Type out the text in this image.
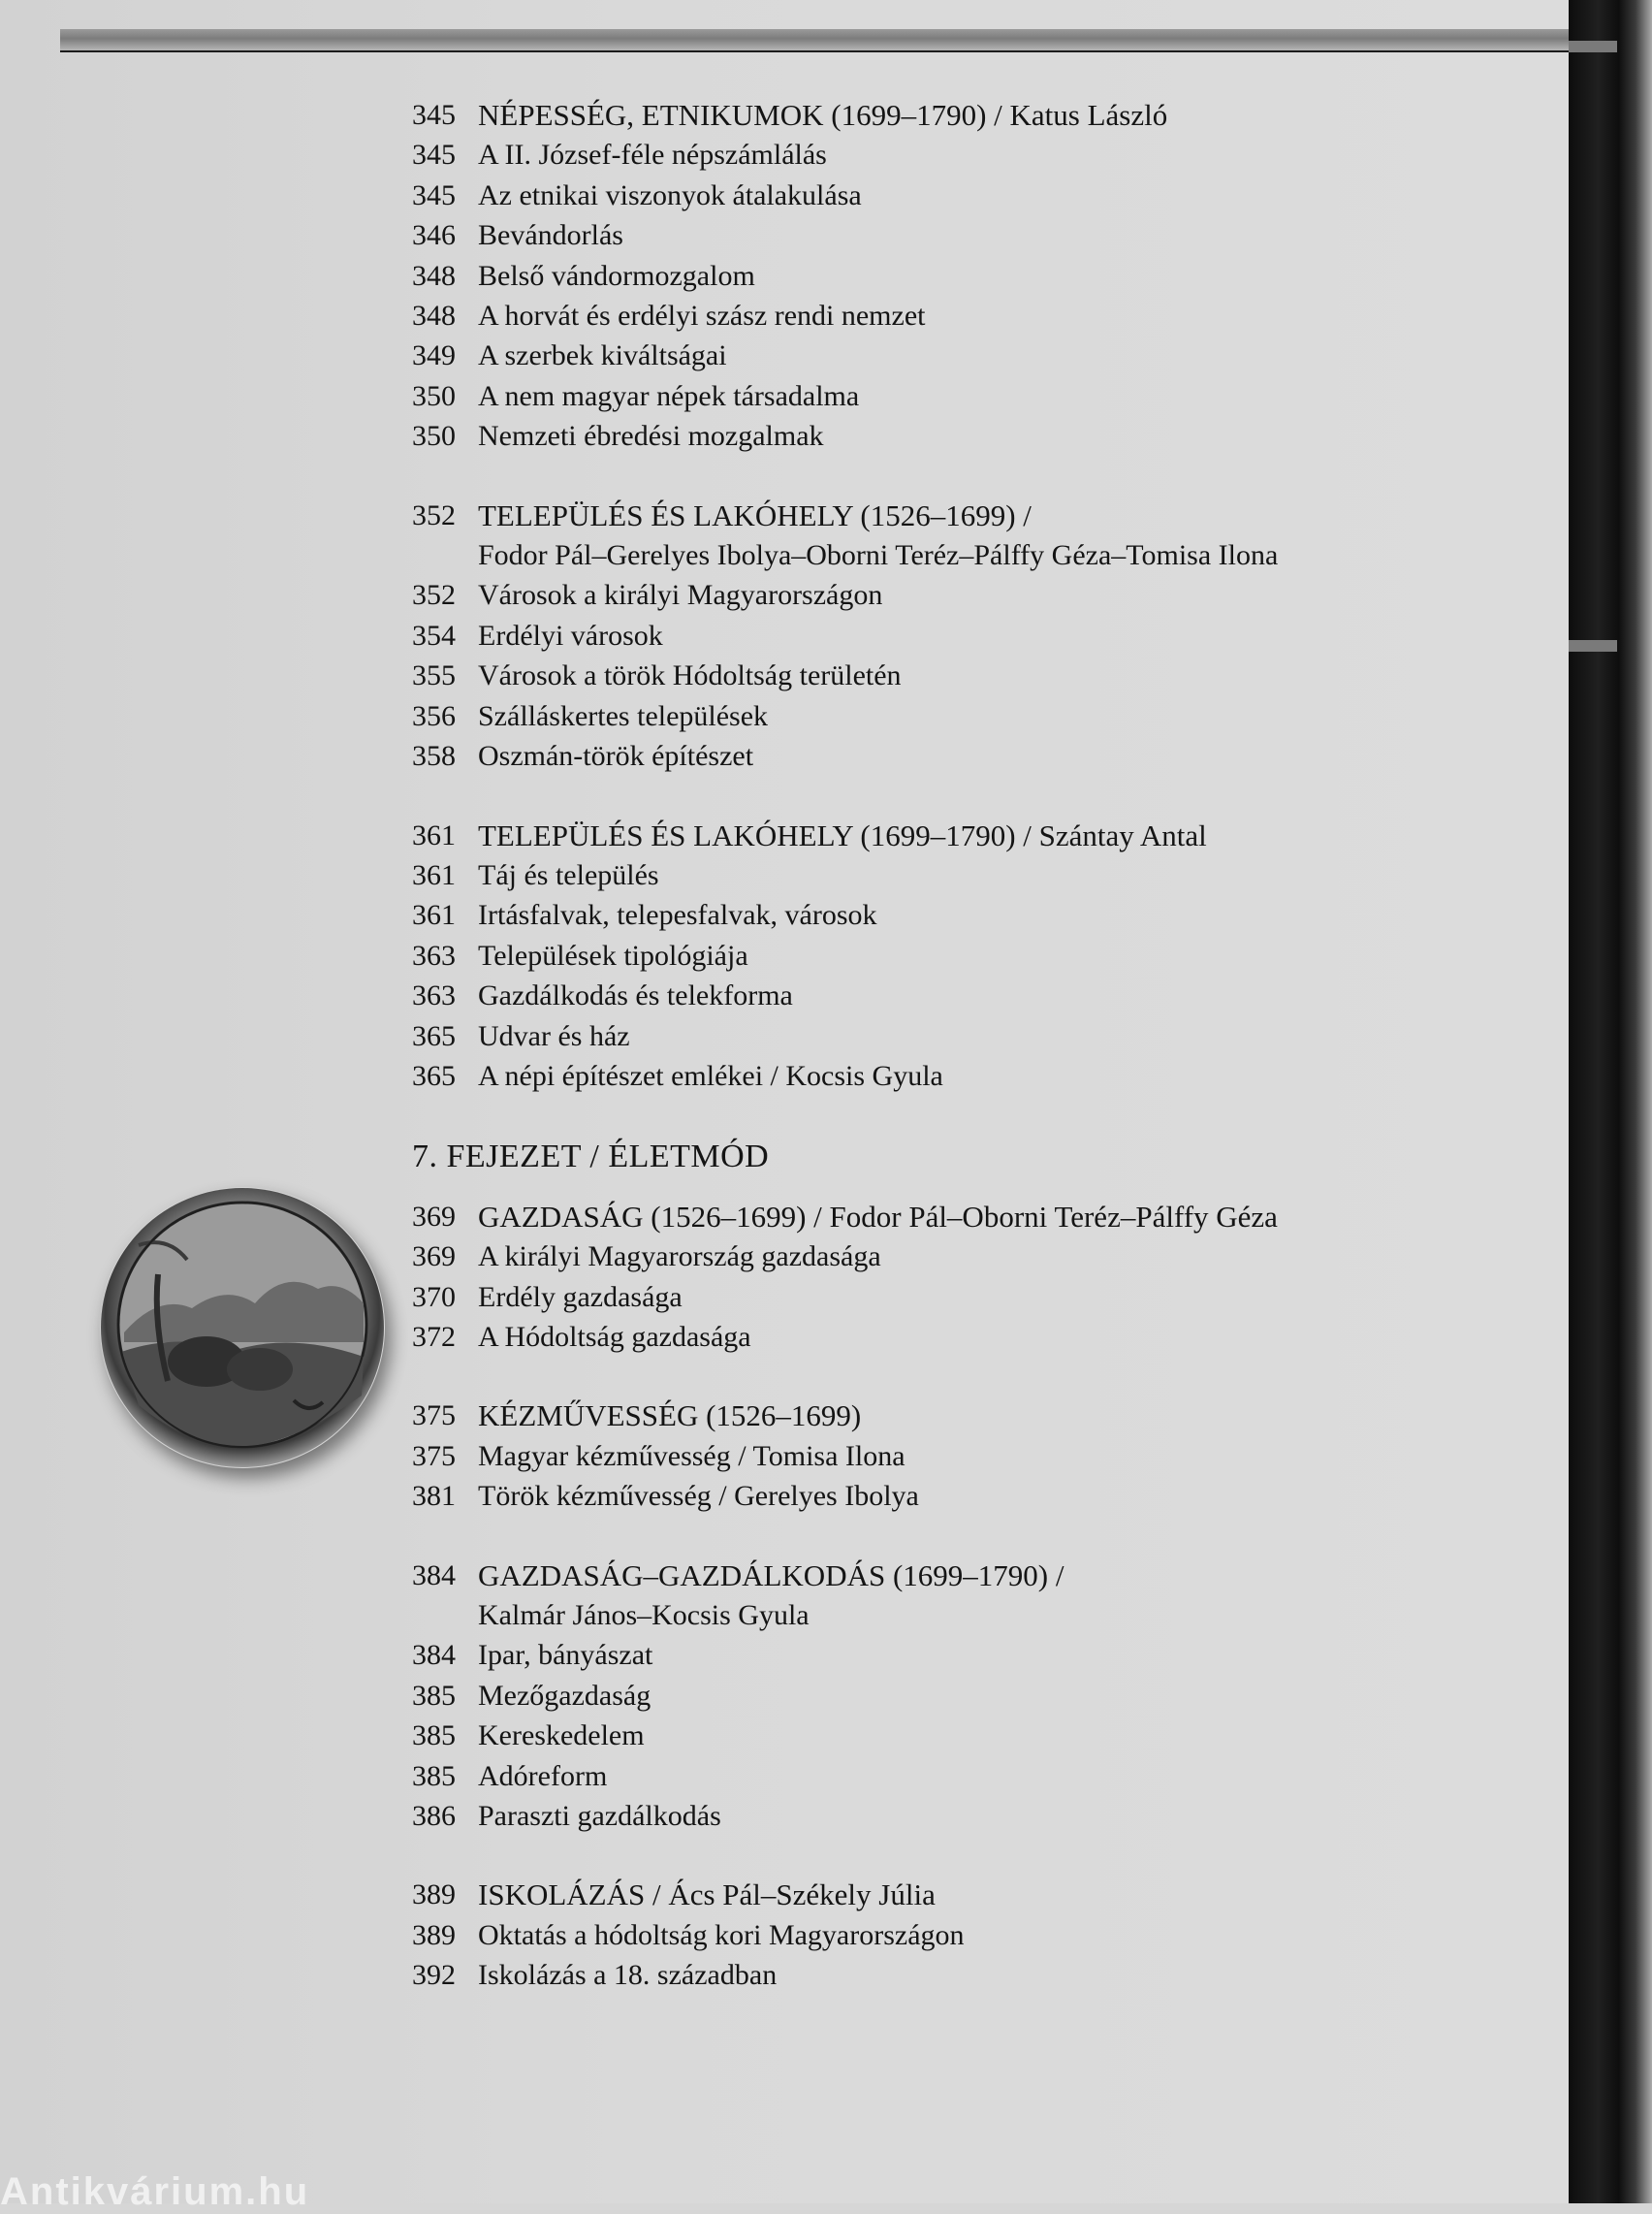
345 NÉPESSÉG, ETNIKUMOK (1699–1790) / Katus László
345 A II. József-féle népszámlálás
345 Az etnikai viszonyok átalakulása
346 Bevándorlás
348 Belső vándormozgalom
348 A horvát és erdélyi szász rendi nemzet
349 A szerbek kiváltságai
350 A nem magyar népek társadalma
350 Nemzeti ébredési mozgalmak
352 TELEPÜLÉS ÉS LAKÓHELY (1526–1699) /
Fodor Pál–Gerelyes Ibolya–Oborni Teréz–Pálffy Géza–Tomisa Ilona
352 Városok a királyi Magyarországon
354 Erdélyi városok
355 Városok a török Hódoltság területén
356 Szálláskertes települések
358 Oszmán-török építészet
361 TELEPÜLÉS ÉS LAKÓHELY (1699–1790) / Szántay Antal
361 Táj és település
361 Irtásfalvak, telepesfalvak, városok
363 Települések tipológiája
363 Gazdálkodás és telekforma
365 Udvar és ház
365 A népi építészet emlékei / Kocsis Gyula
7. FEJEZET / ÉLETMÓD
369 GAZDASÁG (1526–1699) / Fodor Pál–Oborni Teréz–Pálffy Géza
369 A királyi Magyarország gazdasága
370 Erdély gazdasága
372 A Hódoltság gazdasága
375 KÉZMŰVESSÉG (1526–1699)
375 Magyar kézművesség / Tomisa Ilona
381 Török kézművesség / Gerelyes Ibolya
384 GAZDASÁG–GAZDÁLKODÁS (1699–1790) /
Kalmár János–Kocsis Gyula
384 Ipar, bányászat
385 Mezőgazdaság
385 Kereskedelem
385 Adóreform
386 Paraszti gazdálkodás
389 ISKOLÁZÁS / Ács Pál–Székely Júlia
389 Oktatás a hódoltság kori Magyarországon
392 Iskolázás a 18. században
Antikvárium.hu
